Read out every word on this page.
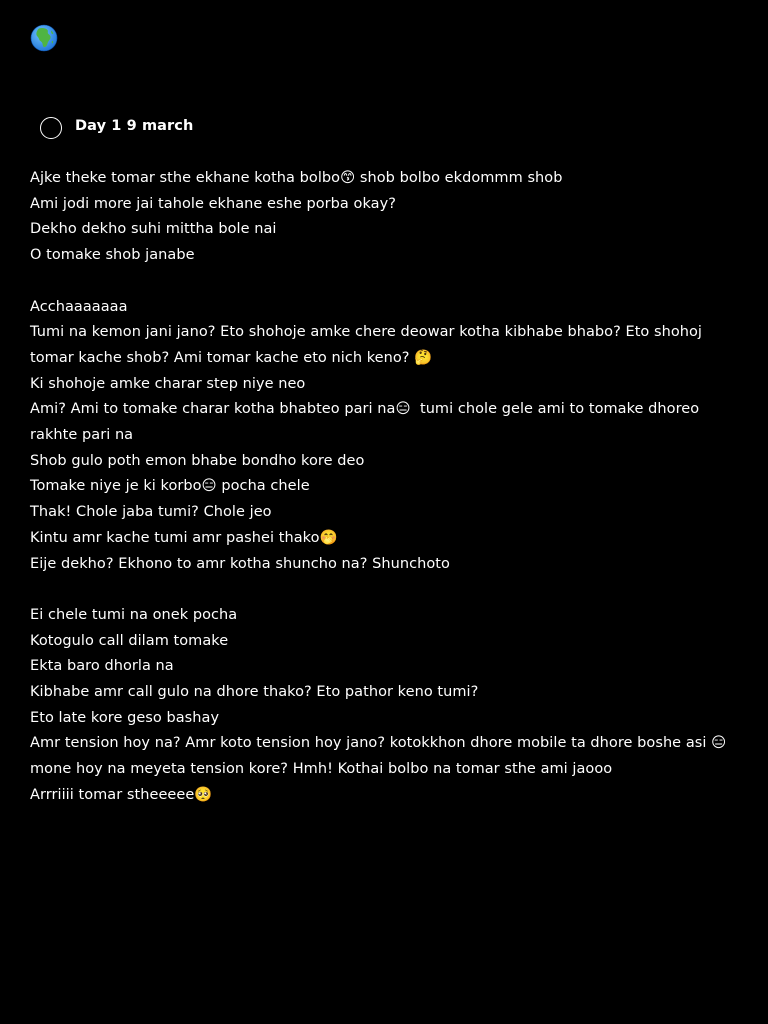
Day 1 9 march
Ajke theke tomar sthe ekhane kotha bolbo😙 shob bolbo ekdommm shob
Ami jodi more jai tahole ekhane eshe porba okay?
Dekho dekho suhi mittha bole nai
O tomake shob janabe
Acchaaaaaaa
Tumi na kemon jani jano? Eto shohoje amke chere deowar kotha kibhabe bhabo? Eto shohoj tomar kache shob? Ami tomar kache eto nich keno? 🤔
Ki shohoje amke charar step niye neo
Ami? Ami to tomake charar kotha bhabteo pari na😑  tumi chole gele ami to tomake dhoreo rakhte pari na
Shob gulo poth emon bhabe bondho kore deo
Tomake niye je ki korbo😑 pocha chele
Thak! Chole jaba tumi? Chole jeo
Kintu amr kache tumi amr pashei thako🤭
Eije dekho? Ekhono to amr kotha shuncho na? Shunchoto
Ei chele tumi na onek pocha
Kotogulo call dilam tomake
Ekta baro dhorla na
Kibhabe amr call gulo na dhore thako? Eto pathor keno tumi?
Eto late kore geso bashay
Amr tension hoy na? Amr koto tension hoy jano? kotokkhon dhore mobile ta dhore boshe asi 😑 mone hoy na meyeta tension kore? Hmh! Kothai bolbo na tomar sthe ami jaooo
Arrriiii tomar stheeeee🥺
